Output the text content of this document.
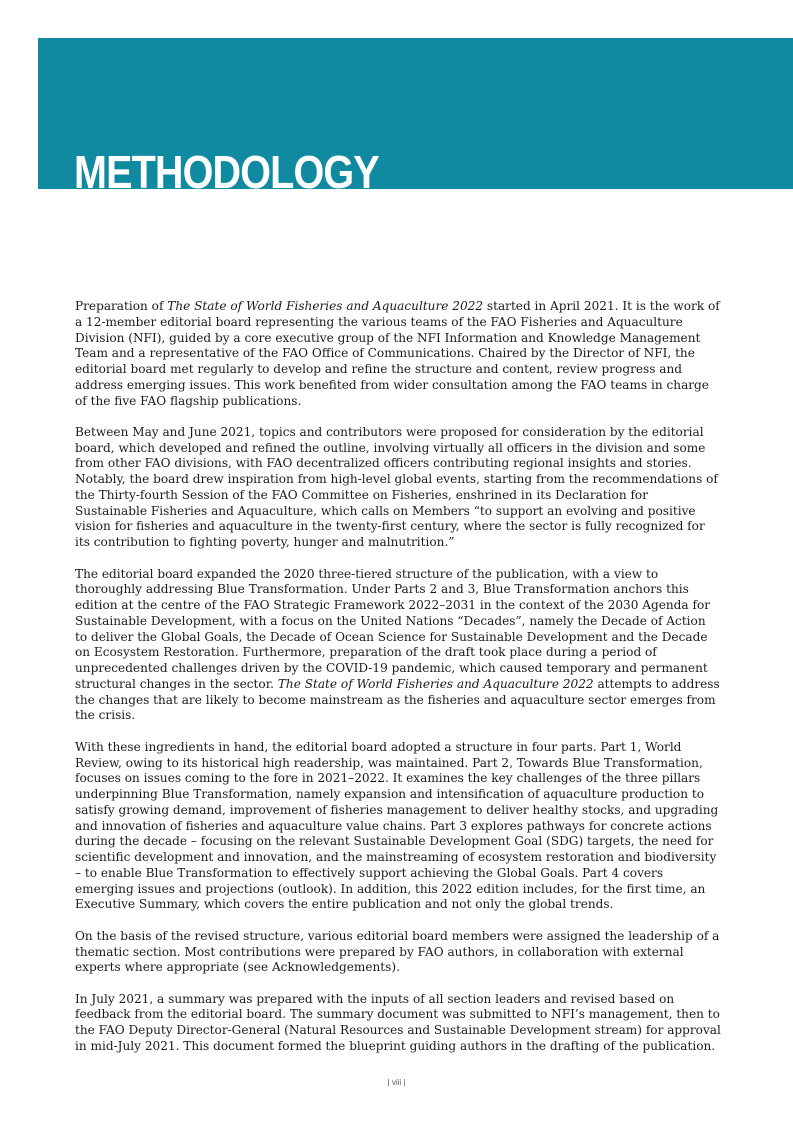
METHODOLOGY

Preparation of The State of World Fisheries and Aquaculture 2022 started in April 2021. It is the work of a 12-member editorial board representing the various teams of the FAO Fisheries and Aquaculture Division (NFI), guided by a core executive group of the NFI Information and Knowledge Management Team and a representative of the FAO Office of Communications. Chaired by the Director of NFI, the editorial board met regularly to develop and refine the structure and content, review progress and address emerging issues. This work benefited from wider consultation among the FAO teams in charge of the five FAO flagship publications.

Between May and June 2021, topics and contributors were proposed for consideration by the editorial board, which developed and refined the outline, involving virtually all officers in the division and some from other FAO divisions, with FAO decentralized officers contributing regional insights and stories. Notably, the board drew inspiration from high-level global events, starting from the recommendations of the Thirty-fourth Session of the FAO Committee on Fisheries, enshrined in its Declaration for Sustainable Fisheries and Aquaculture, which calls on Members “to support an evolving and positive vision for fisheries and aquaculture in the twenty-first century, where the sector is fully recognized for its contribution to fighting poverty, hunger and malnutrition.”

The editorial board expanded the 2020 three-tiered structure of the publication, with a view to thoroughly addressing Blue Transformation. Under Parts 2 and 3, Blue Transformation anchors this edition at the centre of the FAO Strategic Framework 2022–2031 in the context of the 2030 Agenda for Sustainable Development, with a focus on the United Nations “Decades”, namely the Decade of Action to deliver the Global Goals, the Decade of Ocean Science for Sustainable Development and the Decade on Ecosystem Restoration. Furthermore, preparation of the draft took place during a period of unprecedented challenges driven by the COVID-19 pandemic, which caused temporary and permanent structural changes in the sector. The State of World Fisheries and Aquaculture 2022 attempts to address the changes that are likely to become mainstream as the fisheries and aquaculture sector emerges from the crisis.

With these ingredients in hand, the editorial board adopted a structure in four parts. Part 1, World Review, owing to its historical high readership, was maintained. Part 2, Towards Blue Transformation, focuses on issues coming to the fore in 2021–2022. It examines the key challenges of the three pillars underpinning Blue Transformation, namely expansion and intensification of aquaculture production to satisfy growing demand, improvement of fisheries management to deliver healthy stocks, and upgrading and innovation of fisheries and aquaculture value chains. Part 3 explores pathways for concrete actions during the decade – focusing on the relevant Sustainable Development Goal (SDG) targets, the need for scientific development and innovation, and the mainstreaming of ecosystem restoration and biodiversity – to enable Blue Transformation to effectively support achieving the Global Goals. Part 4 covers emerging issues and projections (outlook). In addition, this 2022 edition includes, for the first time, an Executive Summary, which covers the entire publication and not only the global trends.

On the basis of the revised structure, various editorial board members were assigned the leadership of a thematic section. Most contributions were prepared by FAO authors, in collaboration with external experts where appropriate (see Acknowledgements).

In July 2021, a summary was prepared with the inputs of all section leaders and revised based on feedback from the editorial board. The summary document was submitted to NFI’s management, then to the FAO Deputy Director-General (Natural Resources and Sustainable Development stream) for approval in mid-July 2021. This document formed the blueprint guiding authors in the drafting of the publication.

| viii |
